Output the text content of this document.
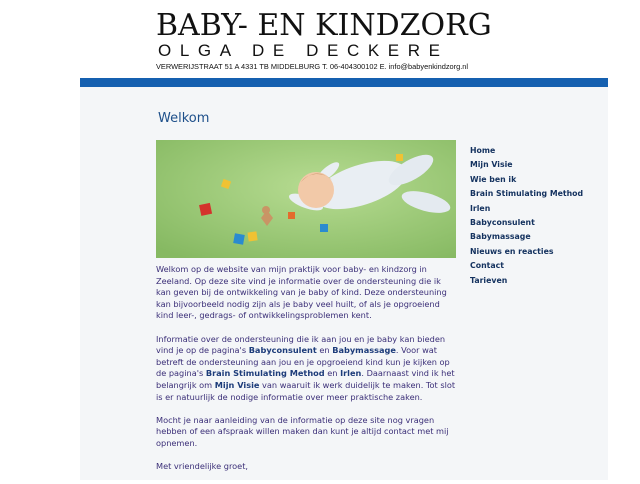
BABY- EN KINDZORG
OLGA DE DECKERE
VERWERIJSTRAAT 51 A 4331 TB MIDDELBURG T. 06-404300102 E. info@babyenkindzorg.nl
Welkom

Welkom op de website van mijn praktijk voor baby- en kindzorg in Zeeland. Op deze site vind je informatie over de ondersteuning die ik kan geven bij de ontwikkeling van je baby of kind. Deze ondersteuning kan bijvoorbeeld nodig zijn als je baby veel huilt, of als je opgroeiend kind leer-, gedrags- of ontwikkelingsproblemen kent.

Informatie over de ondersteuning die ik aan jou en je baby kan bieden vind je op de pagina's Babyconsulent en Babymassage. Voor wat betreft de ondersteuning aan jou en je opgroeiend kind kun je kijken op de pagina's Brain Stimulating Method en Irlen. Daarnaast vind ik het belangrijk om Mijn Visie van waaruit ik werk duidelijk te maken. Tot slot is er natuurlijk de nodige informatie over meer praktische zaken.

Mocht je naar aanleiding van de informatie op deze site nog vragen hebben of een afspraak willen maken dan kunt je altijd contact met mij opnemen.

Met vriendelijke groet,

Home
Mijn Visie
Wie ben ik
Brain Stimulating Method
Irlen
Babyconsulent
Babymassage
Nieuws en reacties
Contact
Tarieven
